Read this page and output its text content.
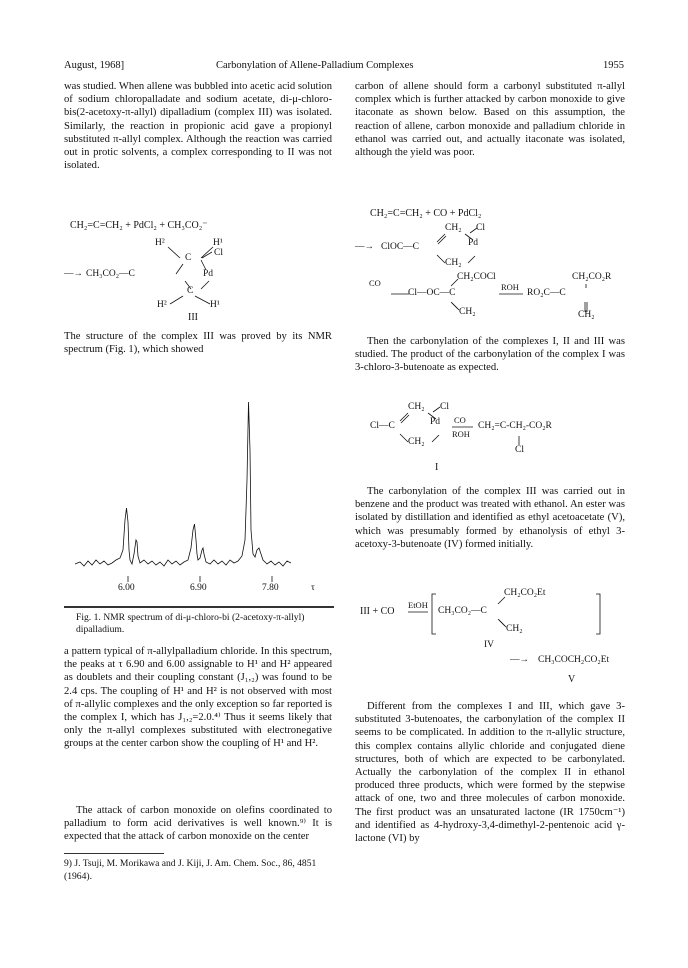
August, 1968]	Carbonylation of Allene-Palladium Complexes	1955

was studied. When allene was bubbled into acetic acid solution of sodium chloropalladate and sodium acetate, di-μ-chloro-bis(2-acetoxy-π-allyl) dipalladium (complex III) was isolated. Similarly, the reaction in propionic acid gave a propionyl substituted π-allyl complex. Although the reaction was carried out in protic solvents, a complex corresponding to II was not isolated.

CH₂=C=CH₂ + PdCl₂ + CH₃CO₂⁻
H²	H¹
C Cl
—→ CH₃CO₂—C	Pd
C
H²	H¹
III

The structure of the complex III was proved by its NMR spectrum (Fig. 1), which showed

6.00	6.90	7.80	τ
Fig. 1. NMR spectrum of di-μ-chloro-bi (2-acetoxy-π-allyl) dipalladium.

a pattern typical of π-allylpalladium chloride. In this spectrum, the peaks at τ 6.90 and 6.00 assignable to H¹ and H² appeared as doublets and their coupling constant (J₁,₂) was found to be 2.4 cps. The coupling of H¹ and H² is not observed with most of π-allylic complexes and the only exception so far reported is the complex I, which has J₁,₂=2.0.⁴⁾ Thus it seems likely that only the π-allyl complexes substituted with electronegative groups at the center carbon show the coupling of H¹ and H².

The attack of carbon monoxide on olefins coordinated to palladium to form acid derivatives is well known.⁹⁾ It is expected that the attack of carbon monoxide on the center

9) J. Tsuji, M. Morikawa and J. Kiji, J. Am. Chem. Soc., 86, 4851 (1964).

carbon of allene should form a carbonyl substituted π-allyl complex which is further attacked by carbon monoxide to give itaconate as shown below. Based on this assumption, the reaction of allene, carbon monoxide and palladium chloride in ethanol was carried out, and actually itaconate was isolated, although the yield was poor.

CH₂=C=CH₂ + CO + PdCl₂
CH₂ Cl
—→ ClOC—C	Pd
CH₂
CO
Cl—OC—C
CH₂COCl
CH₂
ROH
RO₂C—C
CH₂CO₂R
CH₂

Then the carbonylation of the complexes I, II and III was studied. The product of the carbonylation of the complex I was 3-chloro-3-butenoate as expected.

Cl—C
CH₂ Cl
Pd
CH₂
CO
ROH
CH₂=C-CH₂-CO₂R
Cl
I

The carbonylation of the complex III was carried out in benzene and the product was treated with ethanol. An ester was isolated by distillation and identified as ethyl acetoacetate (V), which was presumably formed by ethanolysis of ethyl 3-acetoxy-3-butenoate (IV) formed initially.

III + CO
EtOH
CH₃CO₂—C
CH₂CO₂Et
CH₂
IV
—→ CH₃COCH₂CO₂Et
V

Different from the complexes I and III, which gave 3-substituted 3-butenoates, the carbonylation of the complex II seems to be complicated. In addition to the π-allylic structure, this complex contains allylic chloride and conjugated diene structures, both of which are expected to be carbonylated. Actually the carbonylation of the complex II in ethanol produced three products, which were formed by the stepwise attack of one, two and three molecules of carbon monoxide. The first product was an unsaturated lactone (IR 1750cm⁻¹) and identified as 4-hydroxy-3,4-dimethyl-2-pentenoic acid γ-lactone (VI) by
